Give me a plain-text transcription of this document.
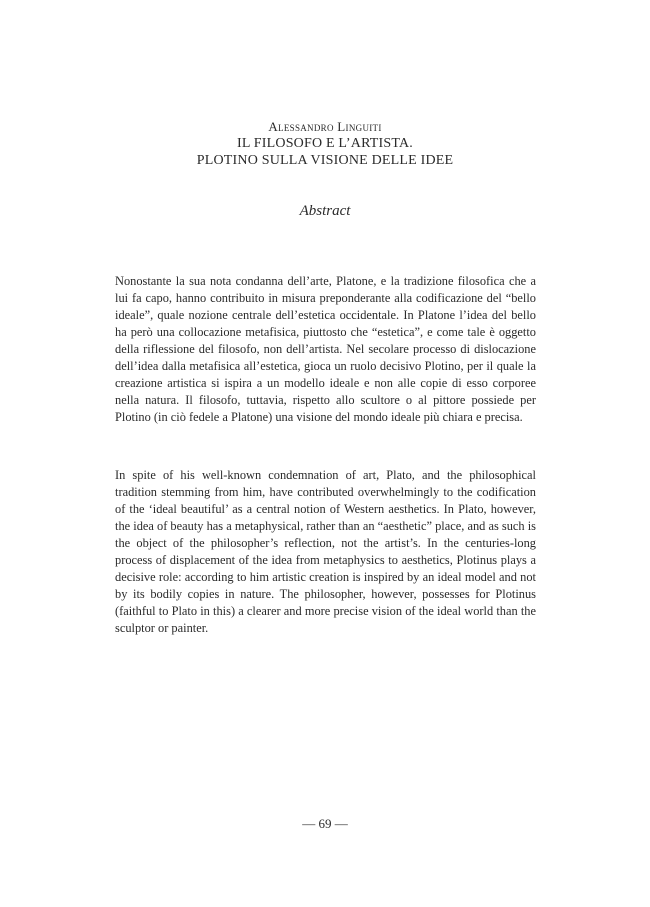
Alessandro Linguiti
IL FILOSOFO E L’ARTISTA.
PLOTINO SULLA VISIONE DELLE IDEE
Abstract

Nonostante la sua nota condanna dell’arte, Platone, e la tradizione filosofica che a lui fa capo, hanno contribuito in misura preponderante alla codificazione del “bello ideale”, quale nozione centrale dell’estetica occidentale. In Platone l’idea del bello ha però una collocazione metafisica, piuttosto che “estetica”, e come tale è oggetto della riflessione del filosofo, non dell’artista. Nel secolare processo di dislocazione dell’idea dalla metafisica all’estetica, gioca un ruolo decisivo Plotino, per il quale la creazione artistica si ispira a un modello ideale e non alle copie di esso corporee nella natura. Il filosofo, tuttavia, rispetto allo scultore o al pittore possiede per Plotino (in ciò fedele a Platone) una visione del mondo ideale più chiara e precisa.

In spite of his well-known condemnation of art, Plato, and the philosophical tradition stemming from him, have contributed overwhelmingly to the codification of the ‘ideal beautiful’ as a central notion of Western aesthetics. In Plato, however, the idea of beauty has a metaphysical, rather than an “aesthetic” place, and as such is the object of the philosopher’s reflection, not the artist’s. In the centuries-long process of displacement of the idea from metaphysics to aesthetics, Plotinus plays a decisive role: according to him artistic creation is inspired by an ideal model and not by its bodily copies in nature. The philosopher, however, possesses for Plotinus (faithful to Plato in this) a clearer and more precise vision of the ideal world than the sculptor or painter.

— 69 —
